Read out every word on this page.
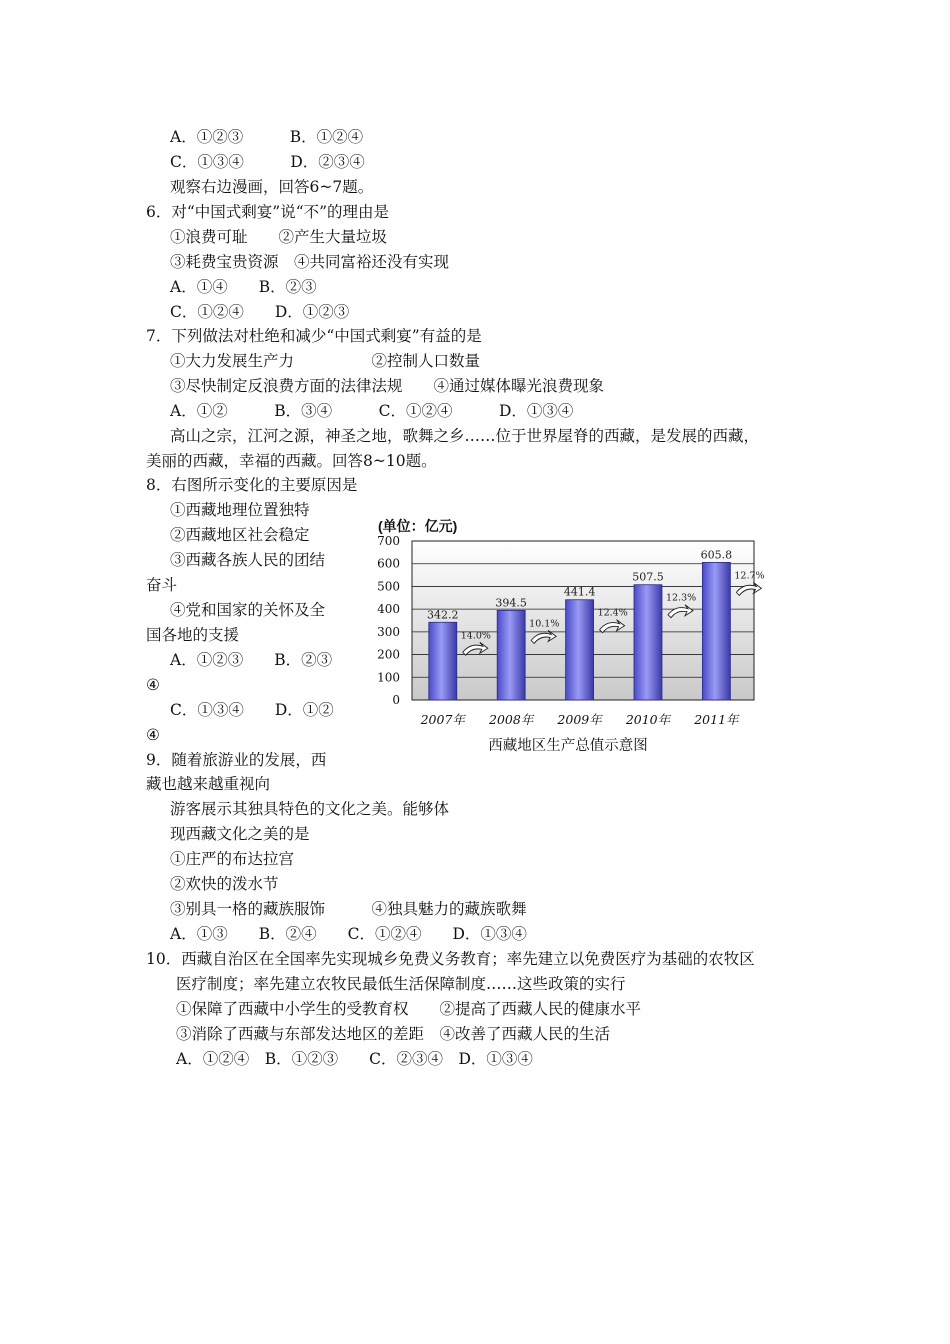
A．①②③　　　B．①②④
C．①③④　　　D．②③④
观察右边漫画，回答6~7题。
6．对“中国式剩宴”说“不”的理由是
①浪费可耻　　②产生大量垃圾
③耗费宝贵资源　④共同富裕还没有实现
A．①④　　B．②③
C．①②④　　D．①②③
7．下列做法对杜绝和减少“中国式剩宴”有益的是
①大力发展生产力　　　　　②控制人口数量
③尽快制定反浪费方面的法律法规　　④通过媒体曝光浪费现象
A．①②　　　B．③④　　　C．①②④　　　D．①③④
高山之宗，江河之源，神圣之地，歌舞之乡……位于世界屋脊的西藏，是发展的西藏，
美丽的西藏，幸福的西藏。回答8~10题。
8．右图所示变化的主要原因是
①西藏地理位置独特
②西藏地区社会稳定
③西藏各族人民的团结
奋斗
④党和国家的关怀及全
国各地的支援
A．①②③　　B．②③
④
C．①③④　　D．①②
④
9．随着旅游业的发展，西
藏也越来越重视向
游客展示其独具特色的文化之美。能够体
现西藏文化之美的是
①庄严的布达拉宫
②欢快的泼水节
③别具一格的藏族服饰　　　④独具魅力的藏族歌舞
A．①③　　B．②④　　C．①②④　　D．①③④
10．西藏自治区在全国率先实现城乡免费义务教育；率先建立以免费医疗为基础的农牧区
医疗制度；率先建立农牧民最低生活保障制度……这些政策的实行
①保障了西藏中小学生的受教育权　　②提高了西藏人民的健康水平
③消除了西藏与东部发达地区的差距　④改善了西藏人民的生活
A．①②④　B．①②③　　C．②③④　D．①③④
(单位：亿元)
700
600
500
400
300
200
100
0
342.2
14.0%
394.5
10.1%
441.4
12.4%
507.5
12.3%
605.8
12.7%
2007年 2008年 2009年 2010年 2011年
西藏地区生产总值示意图
